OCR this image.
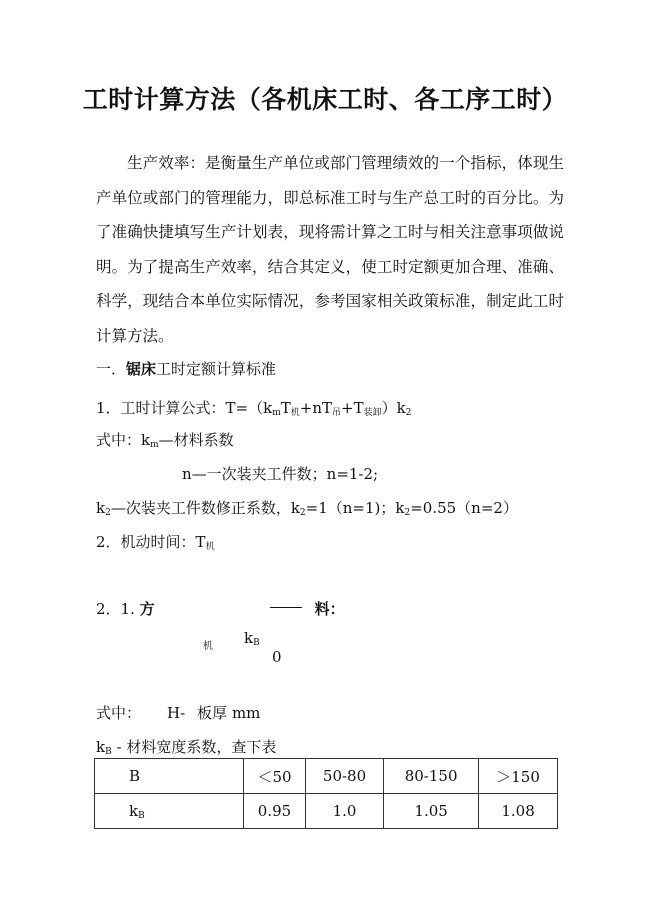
工时计算方法（各机床工时、各工序工时）

生产效率：是衡量生产单位或部门管理绩效的一个指标，体现生产单位或部门的管理能力，即总标准工时与生产总工时的百分比。为了准确快捷填写生产计划表，现将需计算之工时与相关注意事项做说明。为了提高生产效率，结合其定义，使工时定额更加合理、准确、科学，现结合本单位实际情况，参考国家相关政策标准，制定此工时计算方法。

一．锯床工时定额计算标准

1．工时计算公式：$T=(k_mT_机+nT_吊+T_{装卸})k_2$

式中：$k_m—$材料系数

n—一次装夹工件数；n=1-2;

$k_2—$次装夹工件数修正系数，$k_2=1(n=1)$；$k_2=0.55(n=2)$

2．机动时间：$T_机$

2．1. 方	料：

机 $k_B$
0

式中： H- 板厚 mm

$k_B$ - 材料宽度系数，查下表

B	＜50	50-80	80-150	＞150
$k_B$	0.95	1.0	1.05	1.08
